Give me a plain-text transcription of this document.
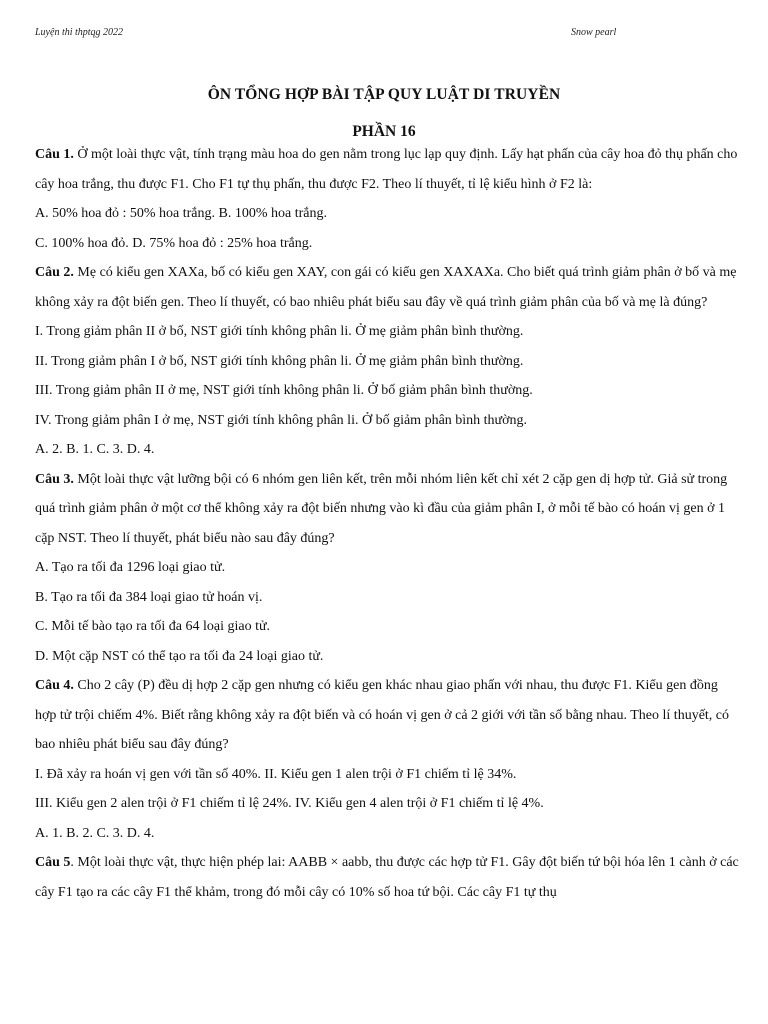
Luyện thi thptqg 2022	Snow pearl
ÔN TỔNG HỢP BÀI TẬP QUY LUẬT DI TRUYỀN
PHẦN 16

Câu 1. Ở một loài thực vật, tính trạng màu hoa do gen nằm trong lục lạp quy định. Lấy hạt phấn của cây hoa đỏ thụ phấn cho cây hoa trắng, thu được F1. Cho F1 tự thụ phấn, thu được F2. Theo lí thuyết, tỉ lệ kiểu hình ở F2 là:

A. 50% hoa đỏ : 50% hoa trắng. B. 100% hoa trắng.

C. 100% hoa đỏ. D. 75% hoa đỏ : 25% hoa trắng.

Câu 2. Mẹ có kiểu gen XAXa, bố có kiểu gen XAY, con gái có kiểu gen XAXAXa. Cho biết quá trình giảm phân ở bố và mẹ không xảy ra đột biến gen. Theo lí thuyết, có bao nhiêu phát biểu sau đây về quá trình giảm phân của bố và mẹ là đúng?

I. Trong giảm phân II ở bố, NST giới tính không phân li. Ở mẹ giảm phân bình thường.

II. Trong giảm phân I ở bố, NST giới tính không phân li. Ở mẹ giảm phân bình thường.

III. Trong giảm phân II ở mẹ, NST giới tính không phân li. Ở bố giảm phân bình thường.

IV. Trong giảm phân I ở mẹ, NST giới tính không phân li. Ở bố giảm phân bình thường.

A. 2. B. 1. C. 3. D. 4.

Câu 3. Một loài thực vật lưỡng bội có 6 nhóm gen liên kết, trên mỗi nhóm liên kết chỉ xét 2 cặp gen dị hợp tử. Giả sử trong quá trình giảm phân ở một cơ thể không xảy ra đột biến nhưng vào kì đầu của giảm phân I, ở mỗi tế bào có hoán vị gen ở 1 cặp NST. Theo lí thuyết, phát biểu nào sau đây đúng?

A. Tạo ra tối đa 1296 loại giao tử.

B. Tạo ra tối đa 384 loại giao tử hoán vị.

C. Mỗi tế bào tạo ra tối đa 64 loại giao tử.

D. Một cặp NST có thể tạo ra tối đa 24 loại giao tử.

Câu 4. Cho 2 cây (P) đều dị hợp 2 cặp gen nhưng có kiểu gen khác nhau giao phấn với nhau, thu được F1. Kiểu gen đồng hợp tử trội chiếm 4%. Biết rằng không xảy ra đột biến và có hoán vị gen ở cả 2 giới với tần số bằng nhau. Theo lí thuyết, có bao nhiêu phát biểu sau đây đúng?

I. Đã xảy ra hoán vị gen với tần số 40%. II. Kiểu gen 1 alen trội ở F1 chiếm tỉ lệ 34%.

III. Kiểu gen 2 alen trội ở F1 chiếm tỉ lệ 24%. IV. Kiểu gen 4 alen trội ở F1 chiếm tỉ lệ 4%.

A. 1. B. 2. C. 3. D. 4.

Câu 5. Một loài thực vật, thực hiện phép lai: AABB × aabb, thu được các hợp tử F1. Gây đột biến tứ bội hóa lên 1 cành ở các cây F1 tạo ra các cây F1 thể khảm, trong đó mỗi cây có 10% số hoa tứ bội. Các cây F1 tự thụ
